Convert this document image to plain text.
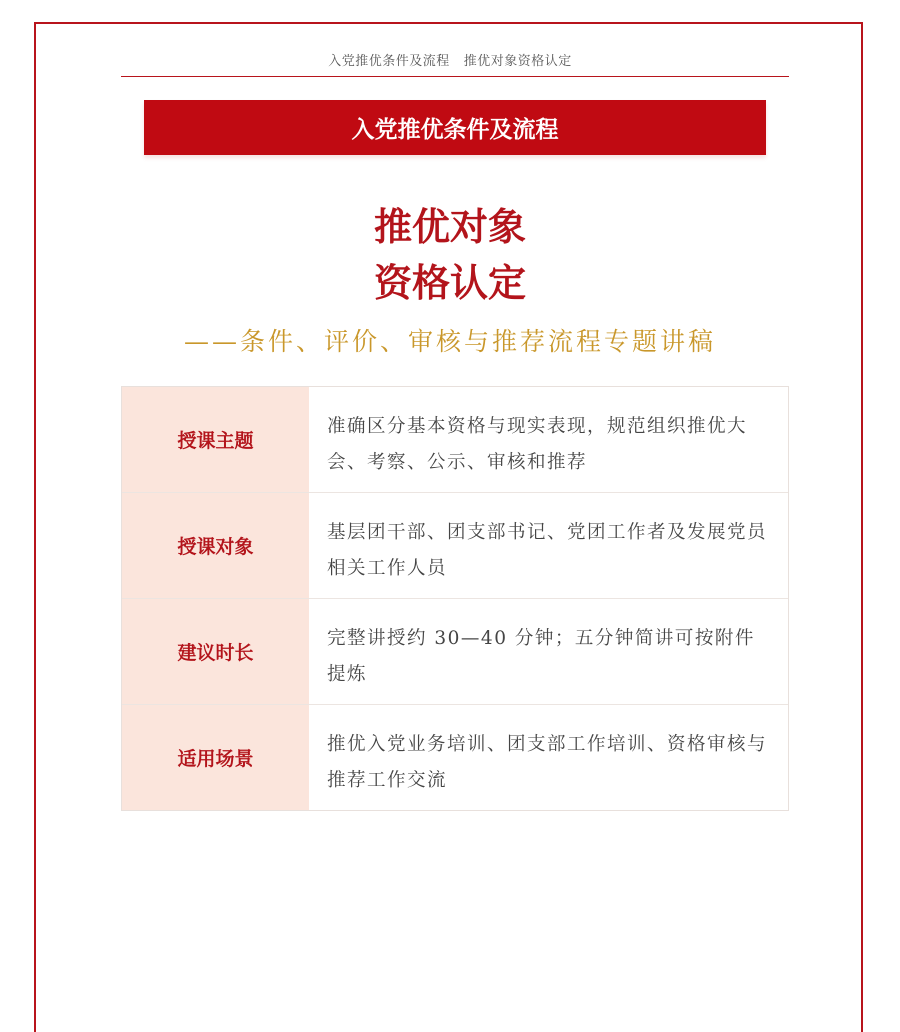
入党推优条件及流程 推优对象资格认定
入党推优条件及流程
推优对象
资格认定
——条件、评价、审核与推荐流程专题讲稿
授课主题
准确区分基本资格与现实表现，规范组织推优大会、考察、公示、审核和推荐
授课对象
基层团干部、团支部书记、党团工作者及发展党员相关工作人员
建议时长
完整讲授约 30—40 分钟；五分钟简讲可按附件提炼
适用场景
推优入党业务培训、团支部工作培训、资格审核与推荐工作交流
